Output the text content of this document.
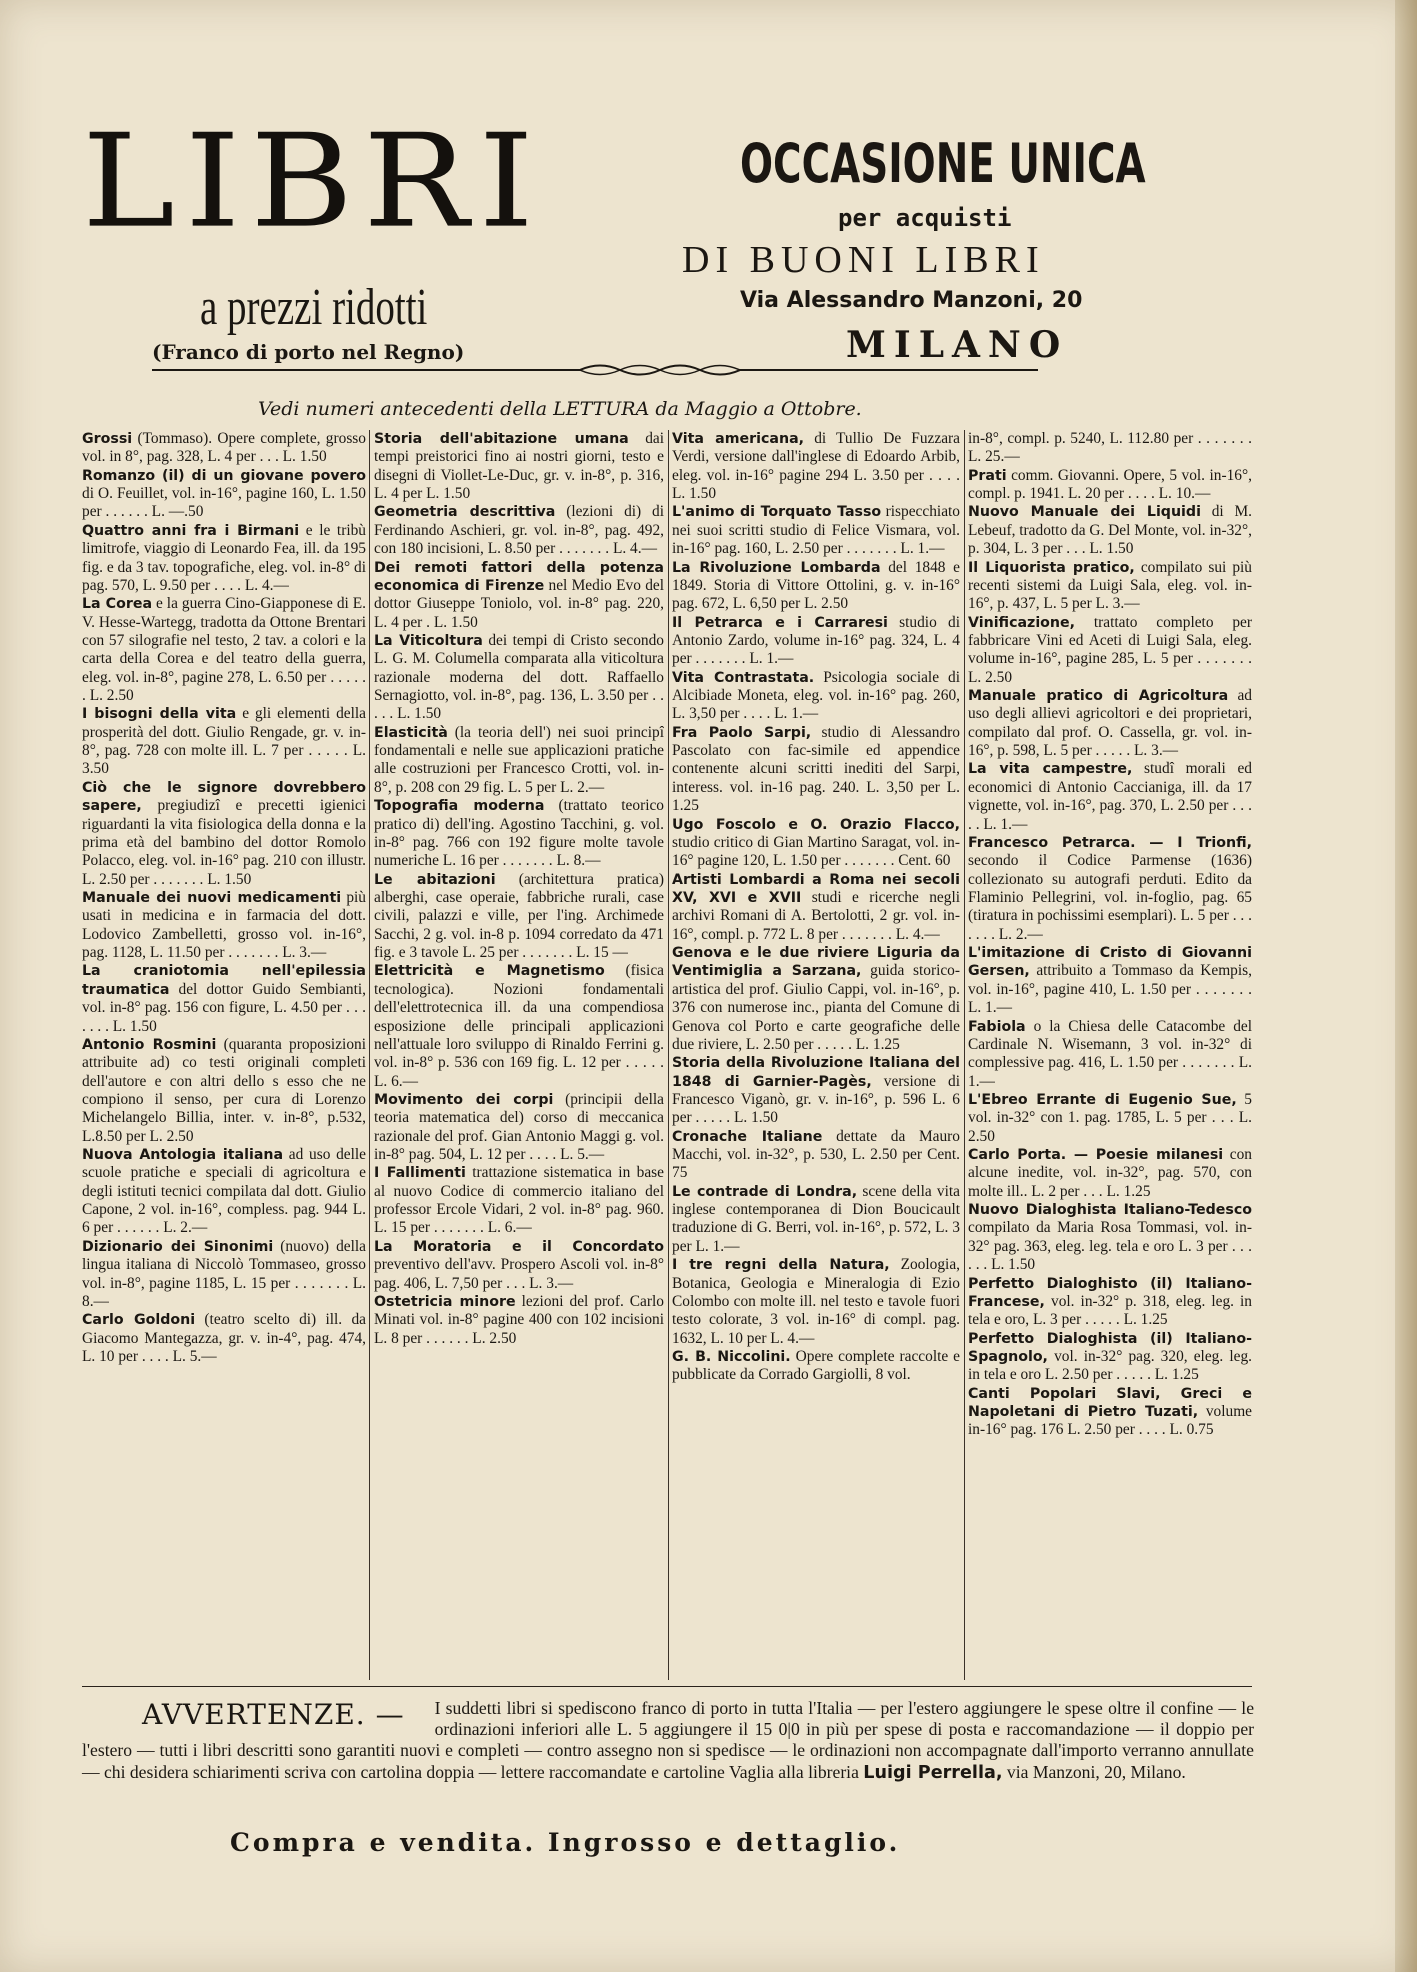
LIBRI
a prezzi ridotti
(Franco di porto nel Regno)
OCCASIONE UNICA
per acquisti
DI BUONI LIBRI
Via Alessandro Manzoni, 20
MILANO
Vedi numeri antecedenti della LETTURA da Maggio a Ottobre.

Grossi (Tommaso). Opere complete, grosso vol. in 8°, pag. 328, L. 4 per . . . L. 1.50

Romanzo (il) di un giovane povero di O. Feuillet, vol. in-16°, pagine 160, L. 1.50 per . . . . . . L. —.50

Quattro anni fra i Birmani e le tribù limitrofe, viaggio di Leonardo Fea, ill. da 195 fig. e da 3 tav. topografiche, eleg. vol. in-8° di pag. 570, L. 9.50 per . . . . L. 4.—

La Corea e la guerra Cino-Giapponese di E. V. Hesse-Wartegg, tradotta da Ottone Brentari con 57 silografie nel testo, 2 tav. a colori e la carta della Corea e del teatro della guerra, eleg. vol. in-8°, pagine 278, L. 6.50 per . . . . . . L. 2.50

I bisogni della vita e gli elementi della prosperità del dott. Giulio Rengade, gr. v. in-8°, pag. 728 con molte ill. L. 7 per . . . . . L. 3.50

Ciò che le signore dovrebbero sapere, pregiudizî e precetti igienici riguardanti la vita fisiologica della donna e la prima età del bambino del dottor Romolo Polacco, eleg. vol. in-16° pag. 210 con illustr. L. 2.50 per . . . . . . . L. 1.50

Manuale dei nuovi medicamenti più usati in medicina e in farmacia del dott. Lodovico Zambelletti, grosso vol. in-16°, pag. 1128, L. 11.50 per . . . . . . . L. 3.—

La craniotomia nell'epilessia traumatica del dottor Guido Sembianti, vol. in-8° pag. 156 con figure, L. 4.50 per . . . . . . . L. 1.50

Antonio Rosmini (quaranta proposizioni attribuite ad) co testi originali completi dell'autore e con altri dello s esso che ne compiono il senso, per cura di Lorenzo Michelangelo Billia, inter. v. in-8°, p.532, L.8.50 per L. 2.50

Nuova Antologia italiana ad uso delle scuole pratiche e speciali di agricoltura e degli istituti tecnici compilata dal dott. Giulio Capone, 2 vol. in-16°, compless. pag. 944 L. 6 per . . . . . . L. 2.—

Dizionario dei Sinonimi (nuovo) della lingua italiana di Niccolò Tommaseo, grosso vol. in-8°, pagine 1185, L. 15 per . . . . . . . L. 8.—

Carlo Goldoni (teatro scelto di) ill. da Giacomo Mantegazza, gr. v. in-4°, pag. 474, L. 10 per . . . . L. 5.—

Storia dell'abitazione umana dai tempi preistorici fino ai nostri giorni, testo e disegni di Viollet-Le-Duc, gr. v. in-8°, p. 316, L. 4 per L. 1.50

Geometria descrittiva (lezioni di) di Ferdinando Aschieri, gr. vol. in-8°, pag. 492, con 180 incisioni, L. 8.50 per . . . . . . . L. 4.—

Dei remoti fattori della potenza economica di Firenze nel Medio Evo del dottor Giuseppe Toniolo, vol. in-8° pag. 220, L. 4 per . L. 1.50

La Viticoltura dei tempi di Cristo secondo L. G. M. Columella comparata alla viticoltura razionale moderna del dott. Raffaello Sernagiotto, vol. in-8°, pag. 136, L. 3.50 per . . . . . L. 1.50

Elasticità (la teoria dell') nei suoi principî fondamentali e nelle sue applicazioni pratiche alle costruzioni per Francesco Crotti, vol. in-8°, p. 208 con 29 fig. L. 5 per L. 2.—

Topografia moderna (trattato teorico pratico di) dell'ing. Agostino Tacchini, g. vol. in-8° pag. 766 con 192 figure molte tavole numeriche L. 16 per . . . . . . . L. 8.—

Le abitazioni (architettura pratica) alberghi, case operaie, fabbriche rurali, case civili, palazzi e ville, per l'ing. Archimede Sacchi, 2 g. vol. in-8 p. 1094 corredato da 471 fig. e 3 tavole L. 25 per . . . . . . . L. 15 —

Elettricità e Magnetismo (fisica tecnologica). Nozioni fondamentali dell'elettrotecnica ill. da una compendiosa esposizione delle principali applicazioni nell'attuale loro sviluppo di Rinaldo Ferrini g. vol. in-8° p. 536 con 169 fig. L. 12 per . . . . . L. 6.—

Movimento dei corpi (principii della teoria matematica del) corso di meccanica razionale del prof. Gian Antonio Maggi g. vol. in-8° pag. 504, L. 12 per . . . . L. 5.—

I Fallimenti trattazione sistematica in base al nuovo Codice di commercio italiano del professor Ercole Vidari, 2 vol. in-8° pag. 960. L. 15 per . . . . . . . L. 6.—

La Moratoria e il Concordato preventivo dell'avv. Prospero Ascoli vol. in-8° pag. 406, L. 7,50 per . . . L. 3.—

Ostetricia minore lezioni del prof. Carlo Minati vol. in-8° pagine 400 con 102 incisioni L. 8 per . . . . . . L. 2.50

Vita americana, di Tullio De Fuzzara Verdi, versione dall'inglese di Edoardo Arbib, eleg. vol. in-16° pagine 294 L. 3.50 per . . . . L. 1.50

L'animo di Torquato Tasso rispecchiato nei suoi scritti studio di Felice Vismara, vol. in-16° pag. 160, L. 2.50 per . . . . . . . L. 1.—

La Rivoluzione Lombarda del 1848 e 1849. Storia di Vittore Ottolini, g. v. in-16° pag. 672, L. 6,50 per L. 2.50

Il Petrarca e i Carraresi studio di Antonio Zardo, volume in-16° pag. 324, L. 4 per . . . . . . . L. 1.—

Vita Contrastata. Psicologia sociale di Alcibiade Moneta, eleg. vol. in-16° pag. 260, L. 3,50 per . . . . L. 1.—

Fra Paolo Sarpi, studio di Alessandro Pascolato con fac-simile ed appendice contenente alcuni scritti inediti del Sarpi, interess. vol. in-16 pag. 240. L. 3,50 per L. 1.25

Ugo Foscolo e O. Orazio Flacco, studio critico di Gian Martino Saragat, vol. in-16° pagine 120, L. 1.50 per . . . . . . . Cent. 60

Artisti Lombardi a Roma nei secoli XV, XVI e XVII studi e ricerche negli archivi Romani di A. Bertolotti, 2 gr. vol. in-16°, compl. p. 772 L. 8 per . . . . . . . L. 4.—

Genova e le due riviere Liguria da Ventimiglia a Sarzana, guida storico-artistica del prof. Giulio Cappi, vol. in-16°, p. 376 con numerose inc., pianta del Comune di Genova col Porto e carte geografiche delle due riviere, L. 2.50 per . . . . . L. 1.25

Storia della Rivoluzione Italiana del 1848 di Garnier-Pagès, versione di Francesco Viganò, gr. v. in-16°, p. 596 L. 6 per . . . . . L. 1.50

Cronache Italiane dettate da Mauro Macchi, vol. in-32°, p. 530, L. 2.50 per Cent. 75

Le contrade di Londra, scene della vita inglese contemporanea di Dion Boucicault traduzione di G. Berri, vol. in-16°, p. 572, L. 3 per L. 1.—

I tre regni della Natura, Zoologia, Botanica, Geologia e Mineralogia di Ezio Colombo con molte ill. nel testo e tavole fuori testo colorate, 3 vol. in-16° di compl. pag. 1632, L. 10 per L. 4.—

G. B. Niccolini. Opere complete raccolte e pubblicate da Corrado Gargiolli, 8 vol.

in-8°, compl. p. 5240, L. 112.80 per . . . . . . . L. 25.—

Prati comm. Giovanni. Opere, 5 vol. in-16°, compl. p. 1941. L. 20 per . . . . L. 10.—

Nuovo Manuale dei Liquidi di M. Lebeuf, tradotto da G. Del Monte, vol. in-32°, p. 304, L. 3 per . . . L. 1.50

Il Liquorista pratico, compilato sui più recenti sistemi da Luigi Sala, eleg. vol. in-16°, p. 437, L. 5 per L. 3.—

Vinificazione, trattato completo per fabbricare Vini ed Aceti di Luigi Sala, eleg. volume in-16°, pagine 285, L. 5 per . . . . . . . L. 2.50

Manuale pratico di Agricoltura ad uso degli allievi agricoltori e dei proprietari, compilato dal prof. O. Cassella, gr. vol. in-16°, p. 598, L. 5 per . . . . . L. 3.—

La vita campestre, studî morali ed economici di Antonio Caccianiga, ill. da 17 vignette, vol. in-16°, pag. 370, L. 2.50 per . . . . . L. 1.—

Francesco Petrarca. — I Trionfi, secondo il Codice Parmense (1636) collezionato su autografi perduti. Edito da Flaminio Pellegrini, vol. in-foglio, pag. 65 (tiratura in pochissimi esemplari). L. 5 per . . . . . . . L. 2.—

L'imitazione di Cristo di Giovanni Gersen, attribuito a Tommaso da Kempis, vol. in-16°, pagine 410, L. 1.50 per . . . . . . . L. 1.—

Fabiola o la Chiesa delle Catacombe del Cardinale N. Wisemann, 3 vol. in-32° di complessive pag. 416, L. 1.50 per . . . . . . . L. 1.—

L'Ebreo Errante di Eugenio Sue, 5 vol. in-32° con 1. pag. 1785, L. 5 per . . . L. 2.50

Carlo Porta. — Poesie milanesi con alcune inedite, vol. in-32°, pag. 570, con molte ill.. L. 2 per . . . L. 1.25

Nuovo Dialoghista Italiano-Tedesco compilato da Maria Rosa Tommasi, vol. in-32° pag. 363, eleg. leg. tela e oro L. 3 per . . . . . . L. 1.50

Perfetto Dialoghisto (il) Italiano-Francese, vol. in-32° p. 318, eleg. leg. in tela e oro, L. 3 per . . . . . L. 1.25

Perfetto Dialoghista (il) Italiano-Spagnolo, vol. in-32° pag. 320, eleg. leg. in tela e oro L. 2.50 per . . . . . L. 1.25

Canti Popolari Slavi, Greci e Napoletani di Pietro Tuzati, volume in-16° pag. 176 L. 2.50 per . . . . L. 0.75

AVVERTENZE. — I suddetti libri si spediscono franco di porto in tutta l'Italia — per l'estero aggiungere le spese oltre il confine — le ordinazioni inferiori alle L. 5 aggiungere il 15 0|0 in più per spese di posta e raccomandazione — il doppio per l'estero — tutti i libri descritti sono garantiti nuovi e completi — contro assegno non si spedisce — le ordinazioni non accompagnate dall'importo verranno annullate — chi desidera schiarimenti scriva con cartolina doppia — lettere raccomandate e cartoline Vaglia alla libreria Luigi Perrella, via Manzoni, 20, Milano.
Compra e vendita. Ingrosso e dettaglio.
